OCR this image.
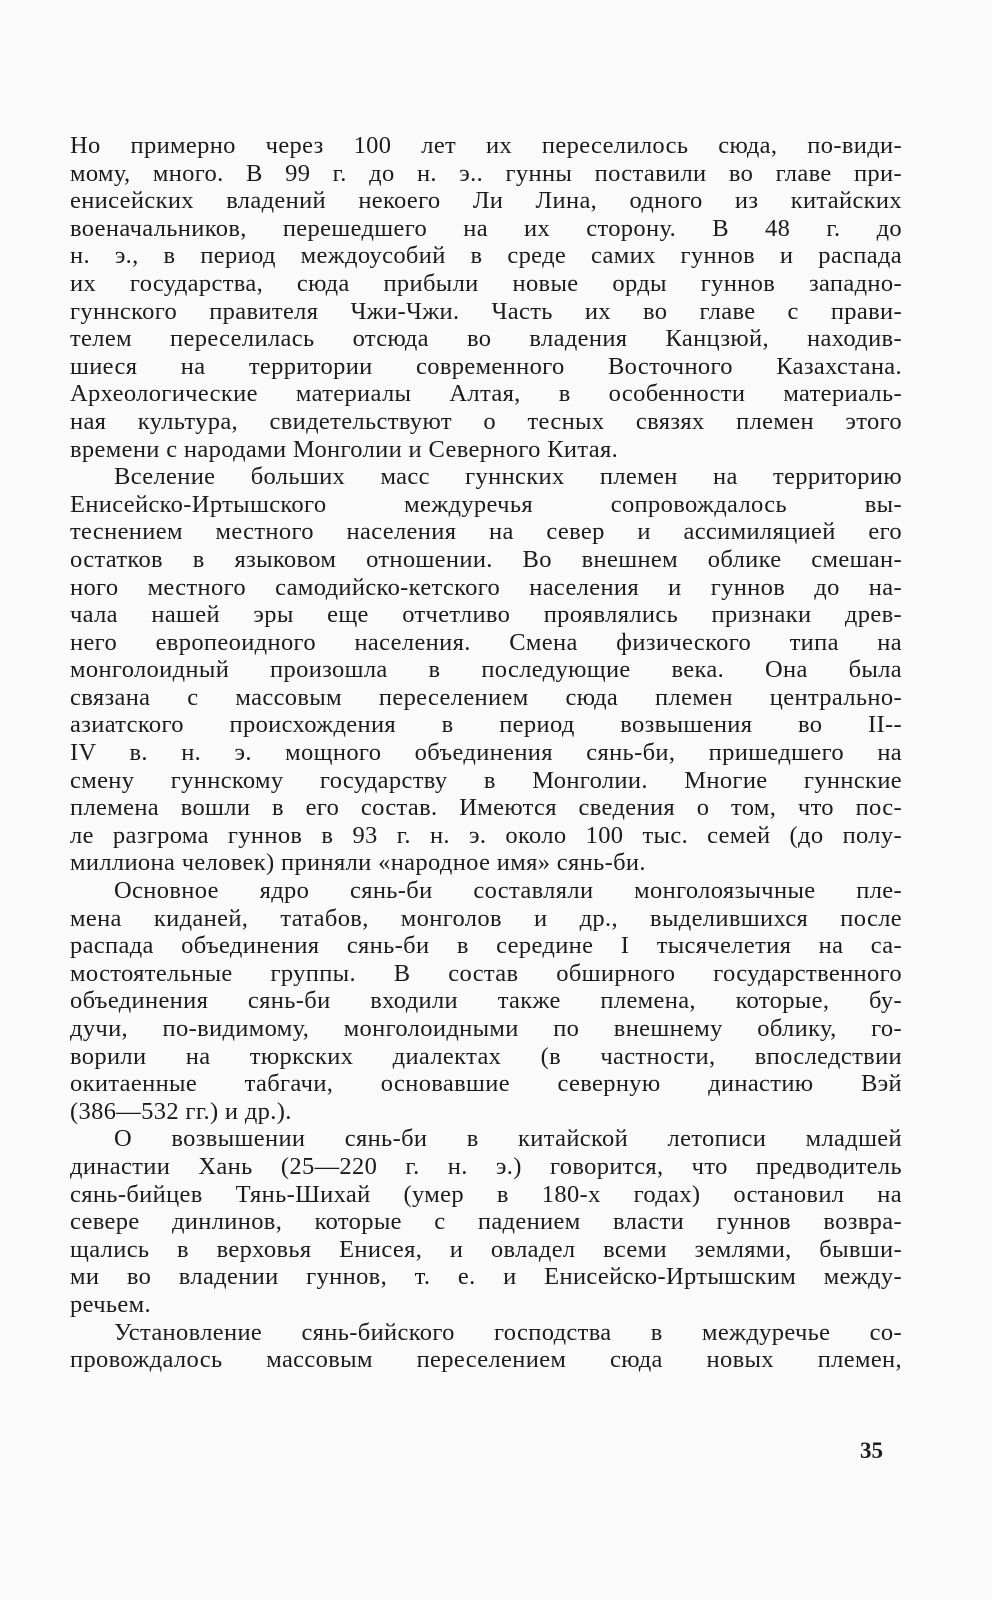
Но примерно через 100 лет их переселилось сюда, по-види-
мому, много. В 99 г. до н. э.. гунны поставили во главе при-
енисейских владений некоего Ли Лина, одного из китайских
военачальников, перешедшего на их сторону. В 48 г. до
н. э., в период междоусобий в среде самих гуннов и распада
их государства, сюда прибыли новые орды гуннов западно-
гуннского правителя Чжи-Чжи. Часть их во главе с прави-
телем переселилась отсюда во владения Канцзюй, находив-
шиеся на территории современного Восточного Казахстана.
Археологические материалы Алтая, в особенности материаль-
ная культура, свидетельствуют о тесных связях племен этого
времени с народами Монголии и Северного Китая.
Вселение больших масс гуннских племен на территорию
Енисейско-Иртышского междуречья сопровождалось вы-
теснением местного населения на север и ассимиляцией его
остатков в языковом отношении. Во внешнем облике смешан-
ного местного самодийско-кетского населения и гуннов до на-
чала нашей эры еще отчетливо проявлялись признаки древ-
него европеоидного населения. Смена физического типа на
монголоидный произошла в последующие века. Она была
связана с массовым переселением сюда племен центрально-
азиатского происхождения в период возвышения во II--
IV в. н. э. мощного объединения сянь-би, пришедшего на
смену гуннскому государству в Монголии. Многие гуннские
племена вошли в его состав. Имеются сведения о том, что пос-
ле разгрома гуннов в 93 г. н. э. около 100 тыс. семей (до полу-
миллиона человек) приняли «народное имя» сянь-би.
Основное ядро сянь-би составляли монголоязычные пле-
мена киданей, татабов, монголов и др., выделившихся после
распада объединения сянь-би в середине I тысячелетия на са-
мостоятельные группы. В состав обширного государственного
объединения сянь-би входили также племена, которые, бу-
дучи, по-видимому, монголоидными по внешнему облику, го-
ворили на тюркских диалектах (в частности, впоследствии
окитаенные табгачи, основавшие северную династию Вэй
(386—532 гг.) и др.).
О возвышении сянь-би в китайской летописи младшей
династии Хань (25—220 г. н. э.) говорится, что предводитель
сянь-бийцев Тянь-Шихай (умер в 180-х годах) остановил на
севере динлинов, которые с падением власти гуннов возвра-
щались в верховья Енисея, и овладел всеми землями, бывши-
ми во владении гуннов, т. е. и Енисейско-Иртышским между-
речьем.
Установление сянь-бийского господства в междуречье со-
провождалось массовым переселением сюда новых племен,
35
